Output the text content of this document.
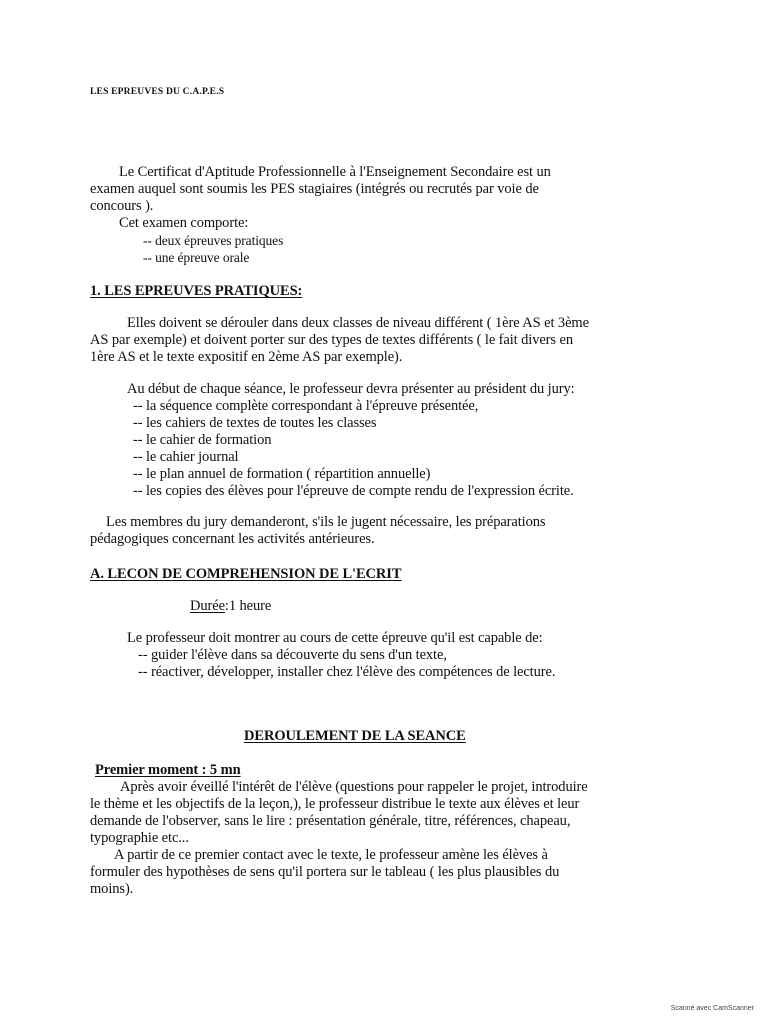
LES EPREUVES DU C.A.P.E.S
Le Certificat d'Aptitude Professionnelle à l'Enseignement Secondaire est un
examen auquel sont soumis les PES stagiaires (intégrés ou recrutés par voie de
concours ).
Cet examen comporte:
-- deux épreuves pratiques
-- une épreuve orale
1. LES EPREUVES PRATIQUES:
Elles doivent se dérouler dans deux classes de niveau différent ( 1ère AS et 3ème
AS par exemple) et doivent porter sur des types de textes différents ( le fait divers en
1ère AS et le texte expositif en 2ème AS par exemple).
Au début de chaque séance, le professeur devra présenter au président du jury:
-- la séquence complète correspondant à l'épreuve présentée,
-- les cahiers de textes de toutes les classes
-- le cahier de formation
-- le cahier journal
-- le plan annuel de formation ( répartition annuelle)
-- les copies des élèves pour l'épreuve de compte rendu de l'expression écrite.
Les membres du jury demanderont, s'ils le jugent nécessaire, les préparations
pédagogiques concernant les activités antérieures.
A. LECON DE COMPREHENSION DE L'ECRIT
Durée:1 heure
Le professeur doit montrer au cours de cette épreuve qu'il est capable de:
-- guider l'élève dans sa découverte du sens d'un texte,
-- réactiver, développer, installer chez l'élève des compétences de lecture.
DEROULEMENT DE LA SEANCE
Premier moment : 5 mn
Après avoir éveillé l'intérêt de l'élève (questions pour rappeler le projet, introduire
le thème et les objectifs de la leçon,), le professeur distribue le texte aux élèves et leur
demande de l'observer, sans le lire : présentation générale, titre, références, chapeau,
typographie etc...
A partir de ce premier contact avec le texte, le professeur amène les élèves à
formuler des hypothèses de sens qu'il portera sur le tableau ( les plus plausibles du
moins).
Scanné avec CamScanner
